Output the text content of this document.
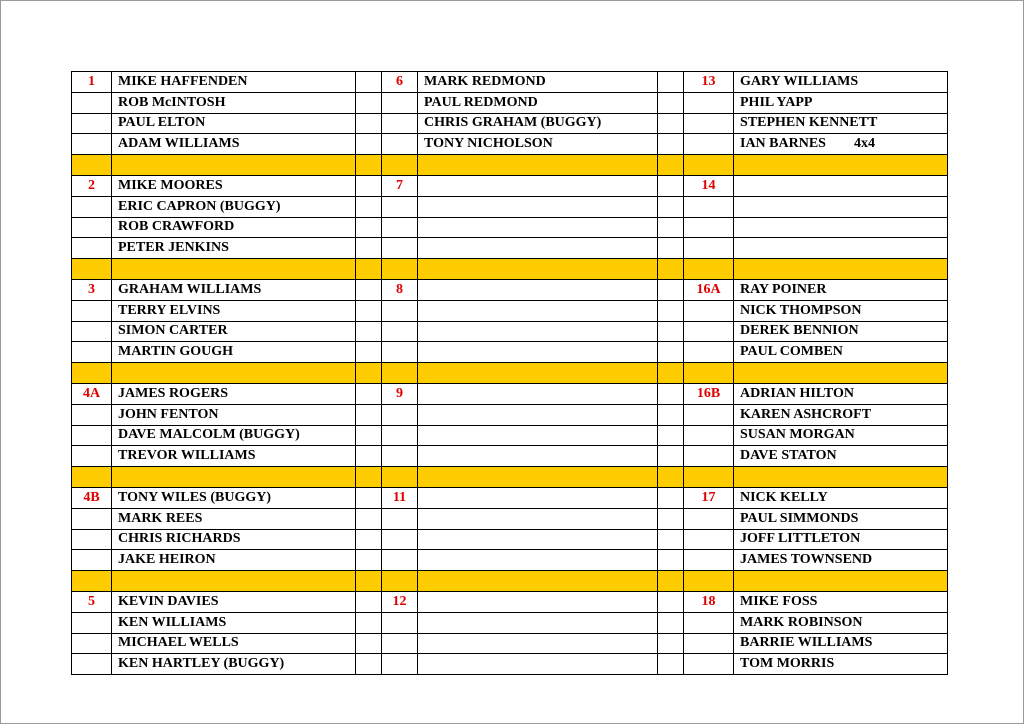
1	MIKE HAFFENDEN		6	MARK REDMOND		13	GARY WILLIAMS
	ROB McINTOSH			PAUL REDMOND			PHIL YAPP
	PAUL ELTON			CHRIS GRAHAM (BUGGY)			STEPHEN KENNETT
	ADAM WILLIAMS			TONY NICHOLSON			IAN BARNES 4x4

2	MIKE MOORES		7			14	
	ERIC CAPRON (BUGGY)						
	ROB CRAWFORD						
	PETER JENKINS						

3	GRAHAM WILLIAMS		8			16A	RAY POINER
	TERRY ELVINS						NICK THOMPSON
	SIMON CARTER						DEREK BENNION
	MARTIN GOUGH						PAUL COMBEN

4A	JAMES ROGERS		9			16B	ADRIAN HILTON
	JOHN FENTON						KAREN ASHCROFT
	DAVE MALCOLM (BUGGY)						SUSAN MORGAN
	TREVOR WILLIAMS						DAVE STATON

4B	TONY WILES (BUGGY)		11			17	NICK KELLY
	MARK REES						PAUL SIMMONDS
	CHRIS RICHARDS						JOFF LITTLETON
	JAKE HEIRON						JAMES TOWNSEND

5	KEVIN DAVIES		12			18	MIKE FOSS
	KEN WILLIAMS						MARK ROBINSON
	MICHAEL WELLS						BARRIE WILLIAMS
	KEN HARTLEY (BUGGY)						TOM MORRIS
